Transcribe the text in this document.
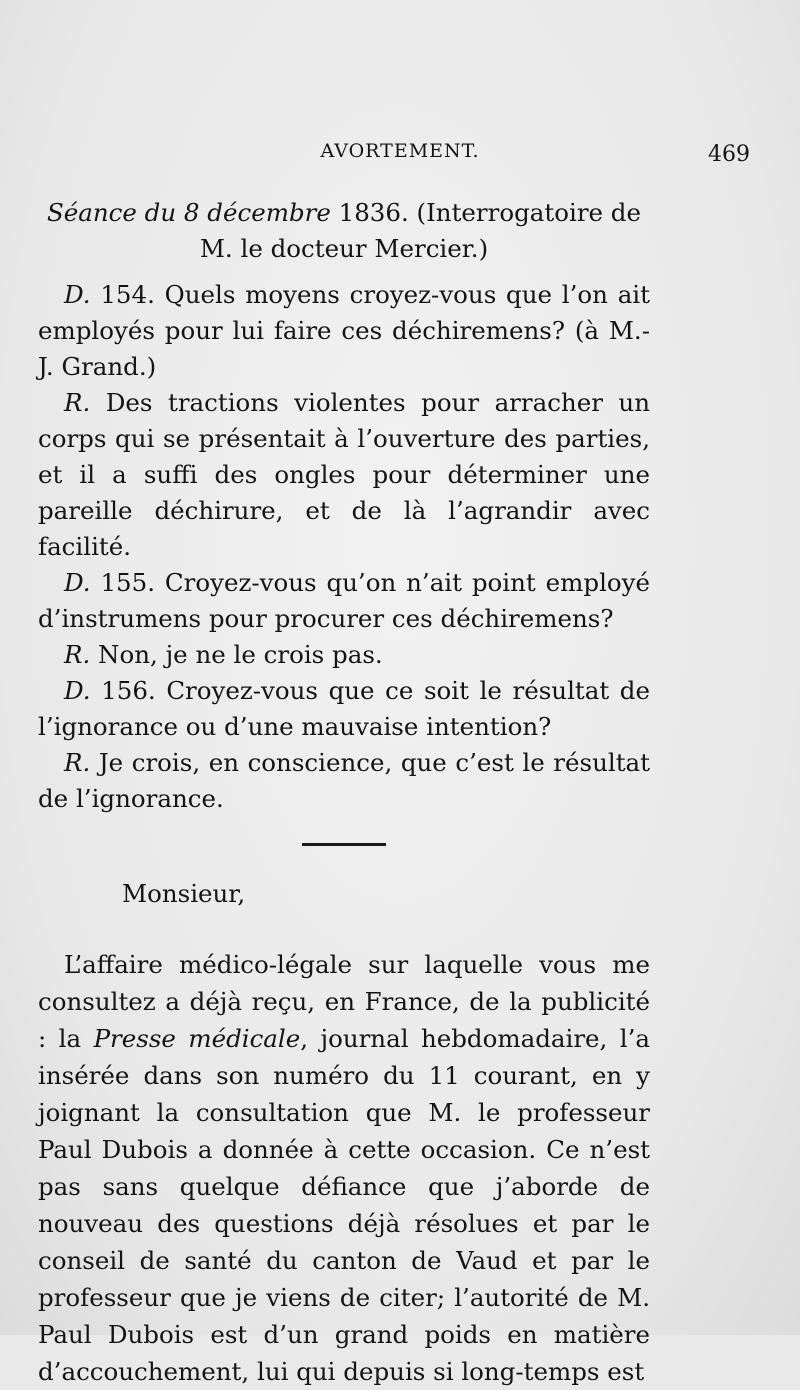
AVORTEMENT.	469

Séance du 8 décembre 1836. (Interrogatoire de M. le docteur Mercier.)

D. 154. Quels moyens croyez-vous que l’on ait employés pour lui faire ces déchiremens? (à M.-J. Grand.)

R. Des tractions violentes pour arracher un corps qui se présentait à l’ouverture des parties, et il a suffi des ongles pour déterminer une pareille déchirure, et de là l’agrandir avec facilité.

D. 155. Croyez-vous qu’on n’ait point employé d’instrumens pour procurer ces déchiremens?

R. Non, je ne le crois pas.

D. 156. Croyez-vous que ce soit le résultat de l’ignorance ou d’une mauvaise intention?

R. Je crois, en conscience, que c’est le résultat de l’ignorance.

Monsieur,

L’affaire médico-légale sur laquelle vous me consultez a déjà reçu, en France, de la publicité : la Presse médicale, journal hebdomadaire, l’a insérée dans son numéro du 11 courant, en y joignant la consultation que M. le professeur Paul Dubois a donnée à cette occasion. Ce n’est pas sans quelque défiance que j’aborde de nouveau des questions déjà résolues et par le conseil de santé du canton de Vaud et par le professeur que je viens de citer; l’autorité de M. Paul Dubois est d’un grand poids en matière d’accouchement, lui qui depuis si long-temps est
